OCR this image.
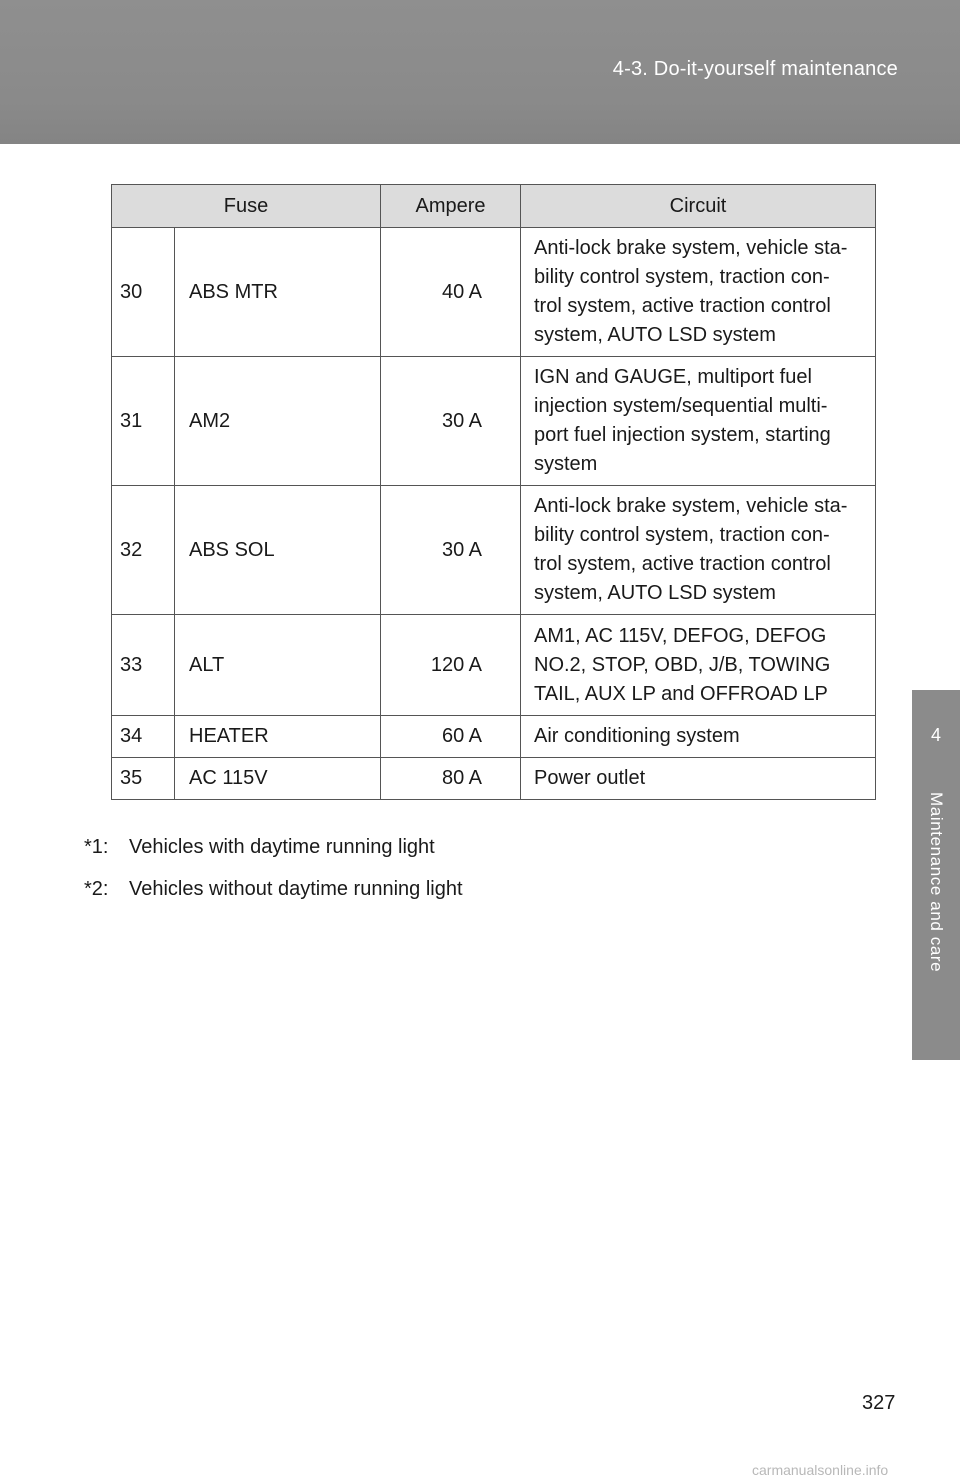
4-3. Do-it-yourself maintenance
4
Maintenance and care
Fuse		Ampere	Circuit
30	ABS MTR	40 A	Anti-lock brake system, vehicle sta-
bility control system, traction con-
trol system, active traction control
system, AUTO LSD system

31	AM2	30 A	IGN and GAUGE, multiport fuel
injection system/sequential multi-
port fuel injection system, starting
system

32	ABS SOL	30 A	Anti-lock brake system, vehicle sta-
bility control system, traction con-
trol system, active traction control
system, AUTO LSD system

33	ALT	120 A	AM1, AC 115V, DEFOG, DEFOG
NO.2, STOP, OBD, J/B, TOWING
TAIL, AUX LP and OFFROAD LP

34	HEATER	60 A	Air conditioning system

35	AC 115V	80 A	Power outlet
*1: Vehicles with daytime running light
*2: Vehicles without daytime running light
327
carmanualsonline.info
